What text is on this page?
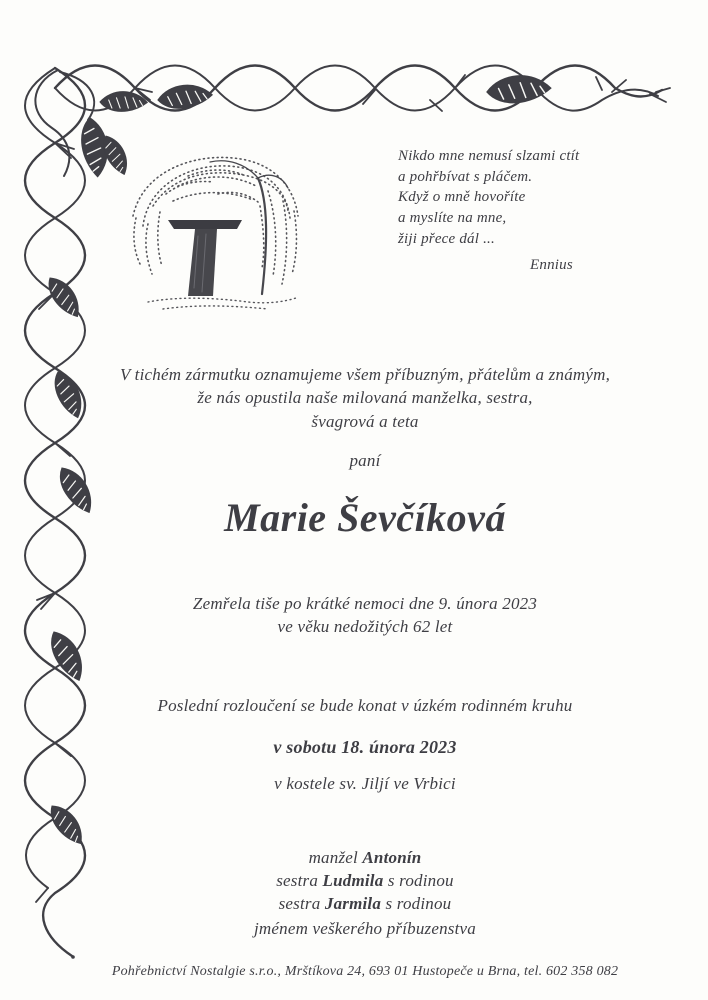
Nikdo mne nemusí slzami ctít
a pohřbívat s pláčem.
Když o mně hovoříte
a myslíte na mne,
žiji přece dál ...
Ennius
V tichém zármutku oznamujeme všem příbuzným, přátelům a známým,
že nás opustila naše milovaná manželka, sestra,
švagrová a teta
paní
Marie Ševčíková
Zemřela tiše po krátké nemoci dne 9. února 2023
ve věku nedožitých 62 let
Poslední rozloučení se bude konat v úzkém rodinném kruhu
v sobotu 18. února 2023
v kostele sv. Jiljí ve Vrbici
manžel Antonín
sestra Ludmila s rodinou
sestra Jarmila s rodinou
jménem veškerého příbuzenstva
Pohřebnictví Nostalgie s.r.o., Mrštíkova 24, 693 01 Hustopeče u Brna, tel. 602 358 082
